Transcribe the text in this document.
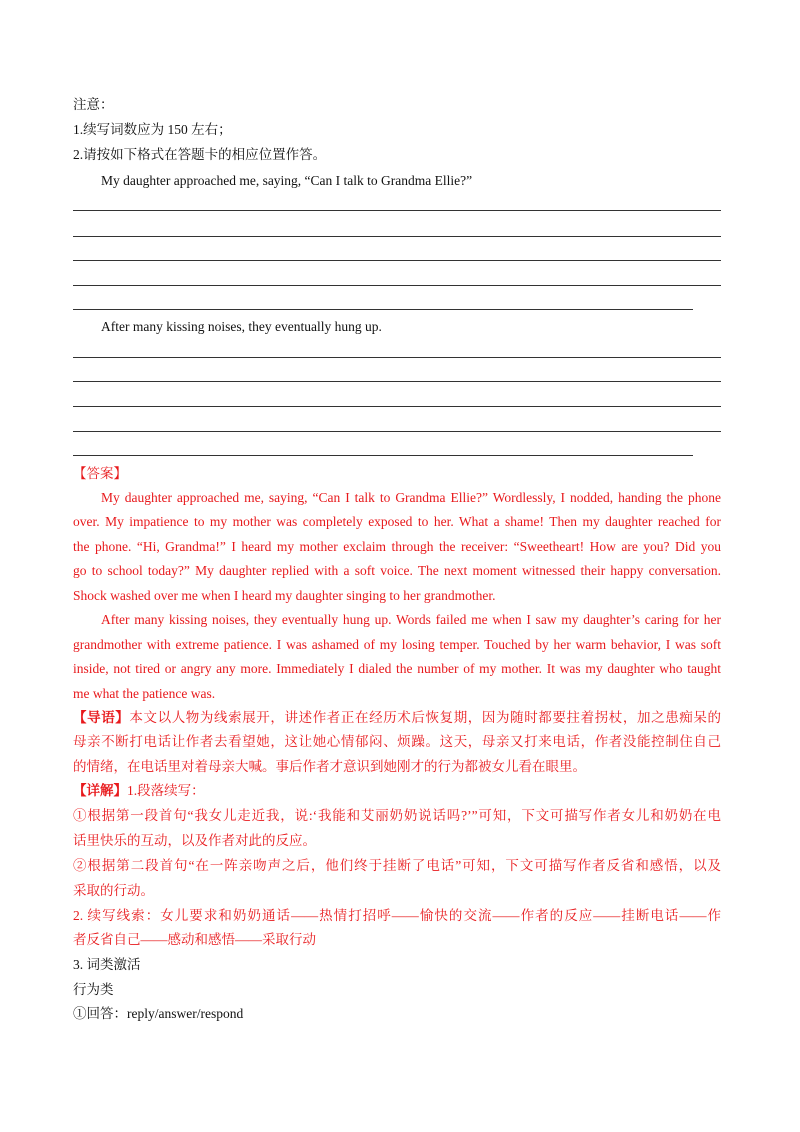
注意：
1.续写词数应为 150 左右；
2.请按如下格式在答题卡的相应位置作答。
My daughter approached me, saying, “Can I talk to Grandma Ellie?”
After many kissing noises, they eventually hung up.
【答案】
My daughter approached me, saying, “Can I talk to Grandma Ellie?” Wordlessly, I nodded, handing the phone
over. My impatience to my mother was completely exposed to her. What a shame! Then my daughter reached for
the phone. “Hi, Grandma!” I heard my mother exclaim through the receiver: “Sweetheart! How are you? Did you
go to school today?” My daughter replied with a soft voice. The next moment witnessed their happy conversation.
Shock washed over me when I heard my daughter singing to her grandmother.
After many kissing noises, they eventually hung up. Words failed me when I saw my daughter’s caring for her
grandmother with extreme patience. I was ashamed of my losing temper. Touched by her warm behavior, I was soft
inside, not tired or angry any more. Immediately I dialed the number of my mother. It was my daughter who taught
me what the patience was.
【导语】本文以人物为线索展开，讲述作者正在经历术后恢复期，因为随时都要拄着拐杖，加之患痴呆的
母亲不断打电话让作者去看望她，这让她心情郁闷、烦躁。这天，母亲又打来电话，作者没能控制住自己
的情绪，在电话里对着母亲大喊。事后作者才意识到她刚才的行为都被女儿看在眼里。
【详解】1.段落续写：
①根据第一段首句“我女儿走近我，说:‘我能和艾丽奶奶说话吗?’”可知，下文可描写作者女儿和奶奶在电
话里快乐的互动，以及作者对此的反应。
②根据第二段首句“在一阵亲吻声之后，他们终于挂断了电话”可知，下文可描写作者反省和感悟，以及
采取的行动。
2. 续写线索：女儿要求和奶奶通话——热情打招呼——愉快的交流——作者的反应——挂断电话——作
者反省自己——感动和感悟——采取行动
3. 词类激活
行为类
①回答：reply/answer/respond
